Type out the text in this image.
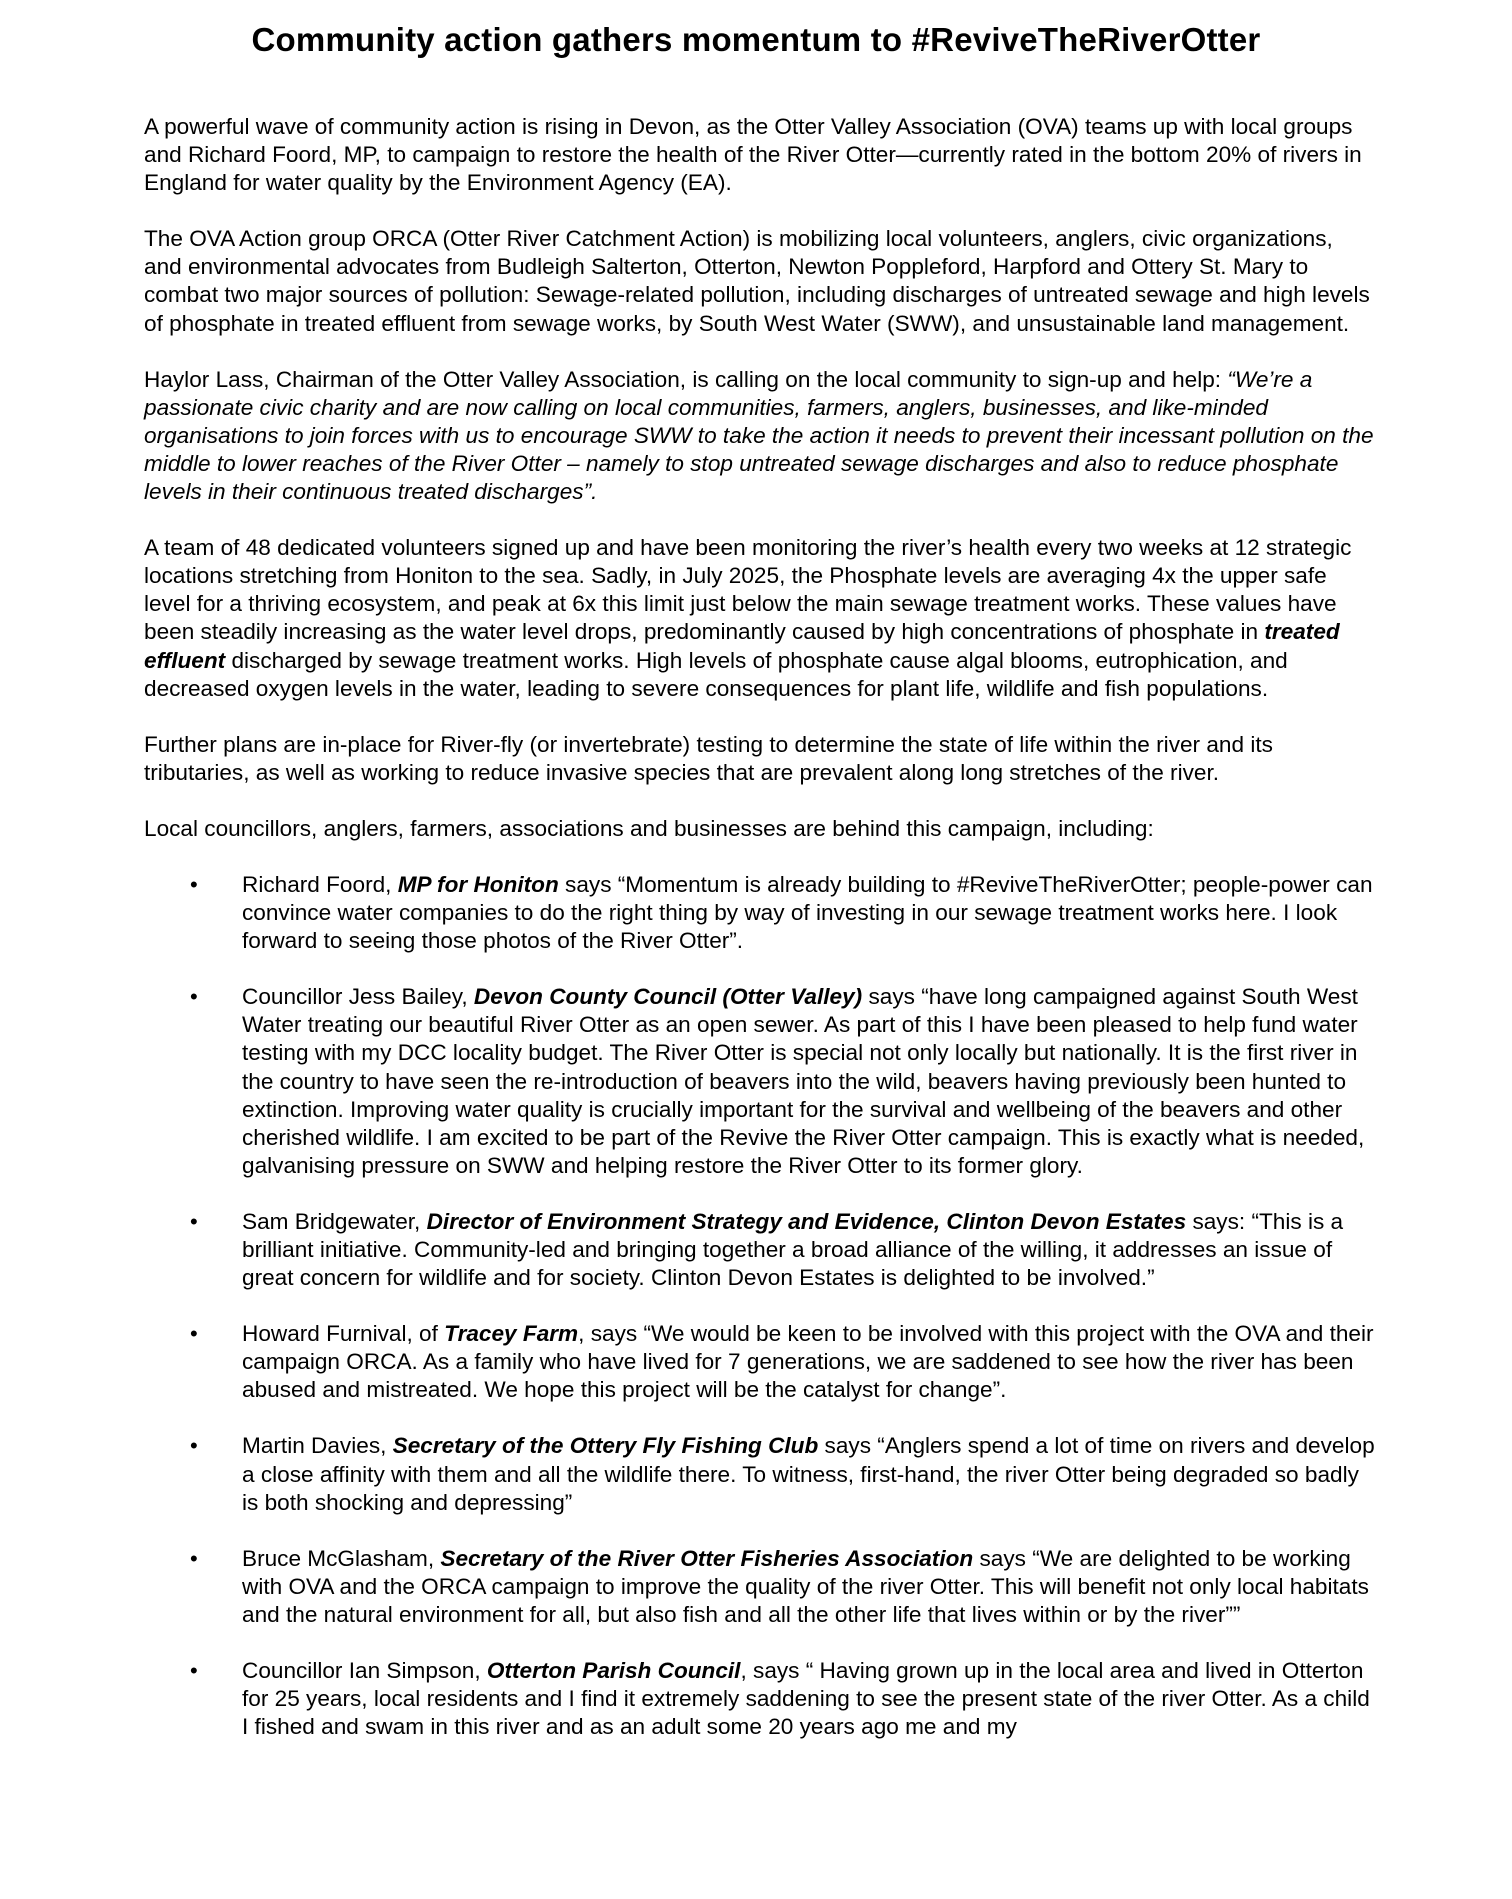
Community action gathers momentum to #ReviveTheRiverOtter

A powerful wave of community action is rising in Devon, as the Otter Valley Association (OVA) teams up with local groups and Richard Foord, MP, to campaign to restore the health of the River Otter—currently rated in the bottom 20% of rivers in England for water quality by the Environment Agency (EA).

The OVA Action group ORCA (Otter River Catchment Action) is mobilizing local volunteers, anglers, civic organizations, and environmental advocates from Budleigh Salterton, Otterton, Newton Poppleford, Harpford and Ottery St. Mary to combat two major sources of pollution: Sewage-related pollution, including discharges of untreated sewage and high levels of phosphate in treated effluent from sewage works, by South West Water (SWW), and unsustainable land management.

Haylor Lass, Chairman of the Otter Valley Association, is calling on the local community to sign-up and help: “We’re a passionate civic charity and are now calling on local communities, farmers, anglers, businesses, and like-minded organisations to join forces with us to encourage SWW to take the action it needs to prevent their incessant pollution on the middle to lower reaches of the River Otter – namely to stop untreated sewage discharges and also to reduce phosphate levels in their continuous treated discharges”.

A team of 48 dedicated volunteers signed up and have been monitoring the river’s health every two weeks at 12 strategic locations stretching from Honiton to the sea. Sadly, in July 2025, the Phosphate levels are averaging 4x the upper safe level for a thriving ecosystem, and peak at 6x this limit just below the main sewage treatment works. These values have been steadily increasing as the water level drops, predominantly caused by high concentrations of phosphate in treated effluent discharged by sewage treatment works. High levels of phosphate cause algal blooms, eutrophication, and decreased oxygen levels in the water, leading to severe consequences for plant life, wildlife and fish populations.

Further plans are in-place for River-fly (or invertebrate) testing to determine the state of life within the river and its tributaries, as well as working to reduce invasive species that are prevalent along long stretches of the river.

Local councillors, anglers, farmers, associations and businesses are behind this campaign, including:

• Richard Foord, MP for Honiton says “Momentum is already building to #ReviveTheRiverOtter; people-power can convince water companies to do the right thing by way of investing in our sewage treatment works here. I look forward to seeing those photos of the River Otter”.
• Councillor Jess Bailey, Devon County Council (Otter Valley) says “have long campaigned against South West Water treating our beautiful River Otter as an open sewer. As part of this I have been pleased to help fund water testing with my DCC locality budget. The River Otter is special not only locally but nationally. It is the first river in the country to have seen the re-introduction of beavers into the wild, beavers having previously been hunted to extinction. Improving water quality is crucially important for the survival and wellbeing of the beavers and other cherished wildlife. I am excited to be part of the Revive the River Otter campaign. This is exactly what is needed, galvanising pressure on SWW and helping restore the River Otter to its former glory.
• Sam Bridgewater, Director of Environment Strategy and Evidence, Clinton Devon Estates says: “This is a brilliant initiative. Community-led and bringing together a broad alliance of the willing, it addresses an issue of great concern for wildlife and for society. Clinton Devon Estates is delighted to be involved.”
• Howard Furnival, of Tracey Farm, says “We would be keen to be involved with this project with the OVA and their campaign ORCA. As a family who have lived for 7 generations, we are saddened to see how the river has been abused and mistreated. We hope this project will be the catalyst for change”.
• Martin Davies, Secretary of the Ottery Fly Fishing Club says “Anglers spend a lot of time on rivers and develop a close affinity with them and all the wildlife there. To witness, first-hand, the river Otter being degraded so badly is both shocking and depressing”
• Bruce McGlasham, Secretary of the River Otter Fisheries Association says “We are delighted to be working with OVA and the ORCA campaign to improve the quality of the river Otter. This will benefit not only local habitats and the natural environment for all, but also fish and all the other life that lives within or by the river””
• Councillor Ian Simpson, Otterton Parish Council, says “ Having grown up in the local area and lived in Otterton for 25 years, local residents and I find it extremely saddening to see the present state of the river Otter. As a child I fished and swam in this river and as an adult some 20 years ago me and my
